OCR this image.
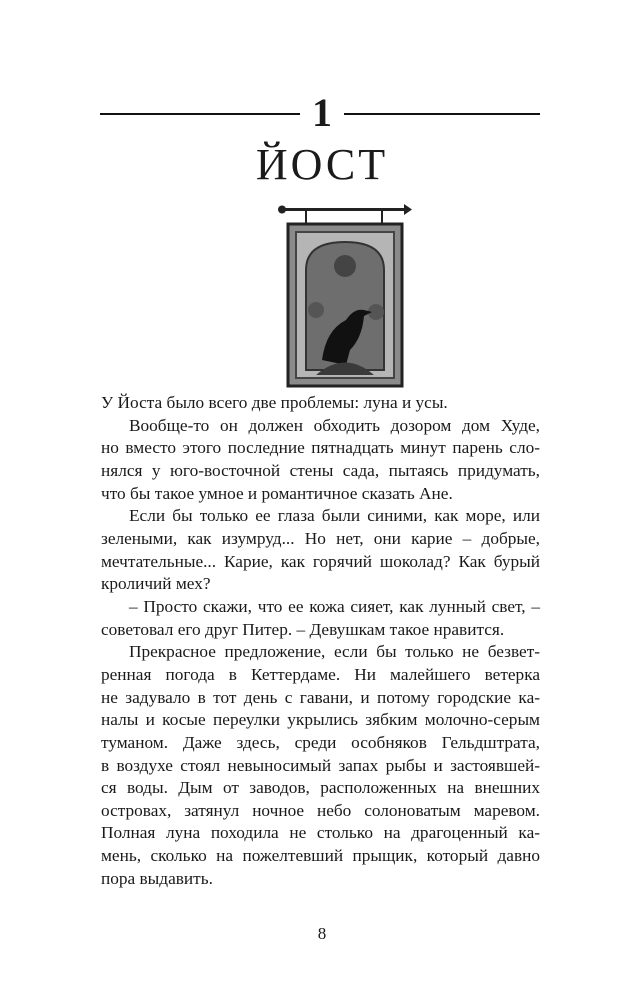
1
ЙОСТ
У Йоста было всего две проблемы: луна и усы.
Вообще-то он должен обходить дозором дом Худе,
но вместо этого последние пятнадцать минут парень сло-
нялся у юго-восточной стены сада, пытаясь придумать,
что бы такое умное и романтичное сказать Ане.
Если бы только ее глаза были синими, как море, или
зелеными, как изумруд... Но нет, они карие – добрые,
мечтательные... Карие, как горячий шоколад? Как бурый
кроличий мех?
– Просто скажи, что ее кожа сияет, как лунный свет, –
советовал его друг Питер. – Девушкам такое нравится.
Прекрасное предложение, если бы только не безвет-
ренная погода в Кеттердаме. Ни малейшего ветерка
не задувало в тот день с гавани, и потому городские ка-
налы и косые переулки укрылись зябким молочно-серым
туманом. Даже здесь, среди особняков Гельдштрата,
в воздухе стоял невыносимый запах рыбы и застоявшей-
ся воды. Дым от заводов, расположенных на внешних
островах, затянул ночное небо солоноватым маревом.
Полная луна походила не столько на драгоценный ка-
мень, сколько на пожелтевший прыщик, который давно
пора выдавить.
8
